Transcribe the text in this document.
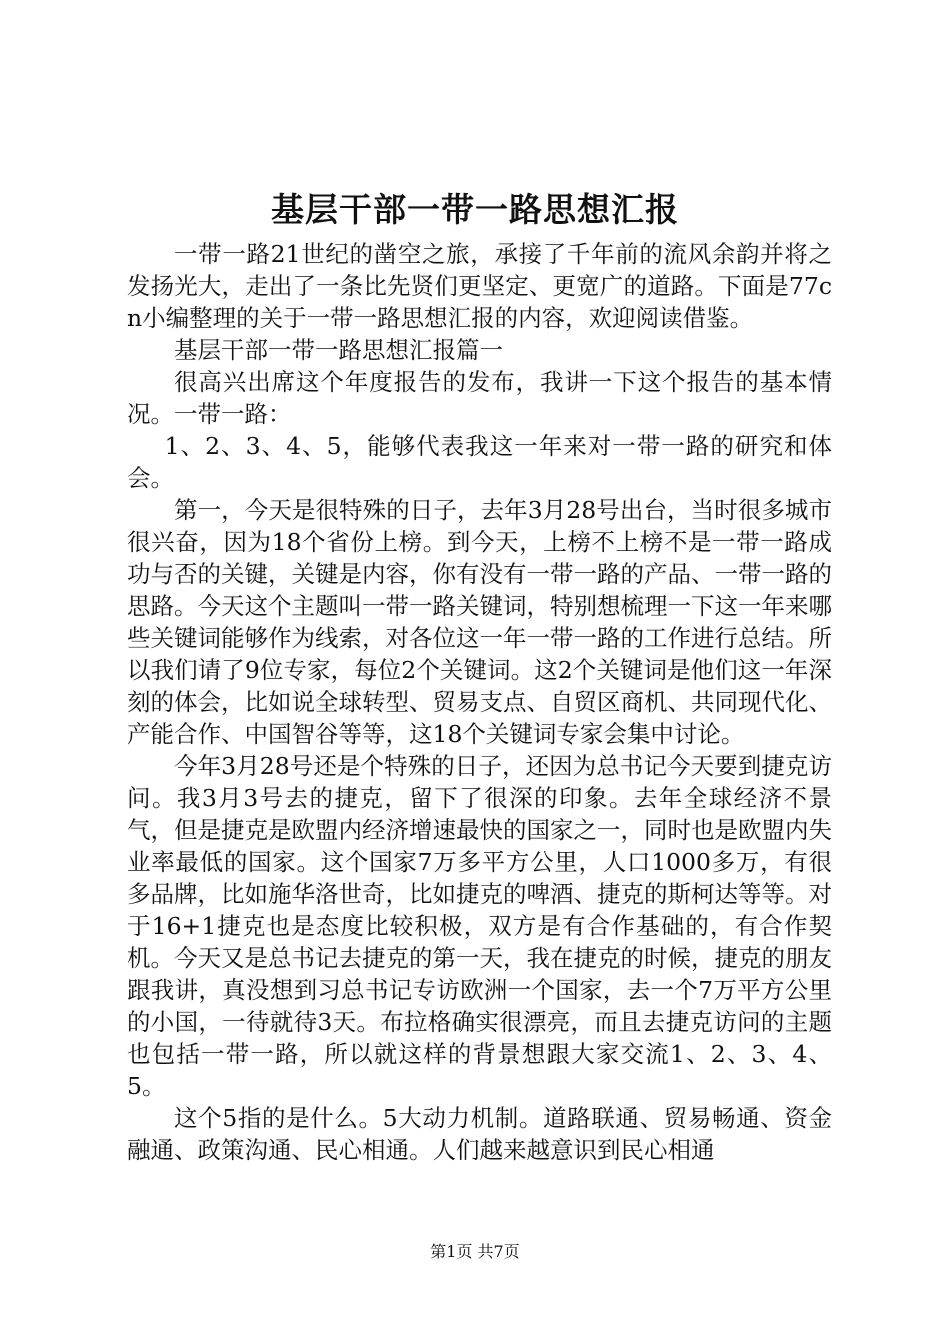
基层干部一带一路思想汇报

一带一路21世纪的凿空之旅，承接了千年前的流风余韵并将之发扬光大，走出了一条比先贤们更坚定、更宽广的道路。下面是77cn小编整理的关于一带一路思想汇报的内容，欢迎阅读借鉴。

基层干部一带一路思想汇报篇一

很高兴出席这个年度报告的发布，我讲一下这个报告的基本情况。一带一路：

1、2、3、4、5，能够代表我这一年来对一带一路的研究和体会。

第一，今天是很特殊的日子，去年3月28号出台，当时很多城市很兴奋，因为18个省份上榜。到今天，上榜不上榜不是一带一路成功与否的关键，关键是内容，你有没有一带一路的产品、一带一路的思路。今天这个主题叫一带一路关键词，特别想梳理一下这一年来哪些关键词能够作为线索，对各位这一年一带一路的工作进行总结。所以我们请了9位专家，每位2个关键词。这2个关键词是他们这一年深刻的体会，比如说全球转型、贸易支点、自贸区商机、共同现代化、产能合作、中国智谷等等，这18个关键词专家会集中讨论。

今年3月28号还是个特殊的日子，还因为总书记今天要到捷克访问。我3月3号去的捷克，留下了很深的印象。去年全球经济不景气，但是捷克是欧盟内经济增速最快的国家之一，同时也是欧盟内失业率最低的国家。这个国家7万多平方公里，人口1000多万，有很多品牌，比如施华洛世奇，比如捷克的啤酒、捷克的斯柯达等等。对于16+1捷克也是态度比较积极，双方是有合作基础的，有合作契机。今天又是总书记去捷克的第一天，我在捷克的时候，捷克的朋友跟我讲，真没想到习总书记专访欧洲一个国家，去一个7万平方公里的小国，一待就待3天。布拉格确实很漂亮，而且去捷克访问的主题也包括一带一路，所以就这样的背景想跟大家交流1、2、3、4、5。

这个5指的是什么。5大动力机制。道路联通、贸易畅通、资金融通、政策沟通、民心相通。人们越来越意识到民心相通

第1页 共7页
